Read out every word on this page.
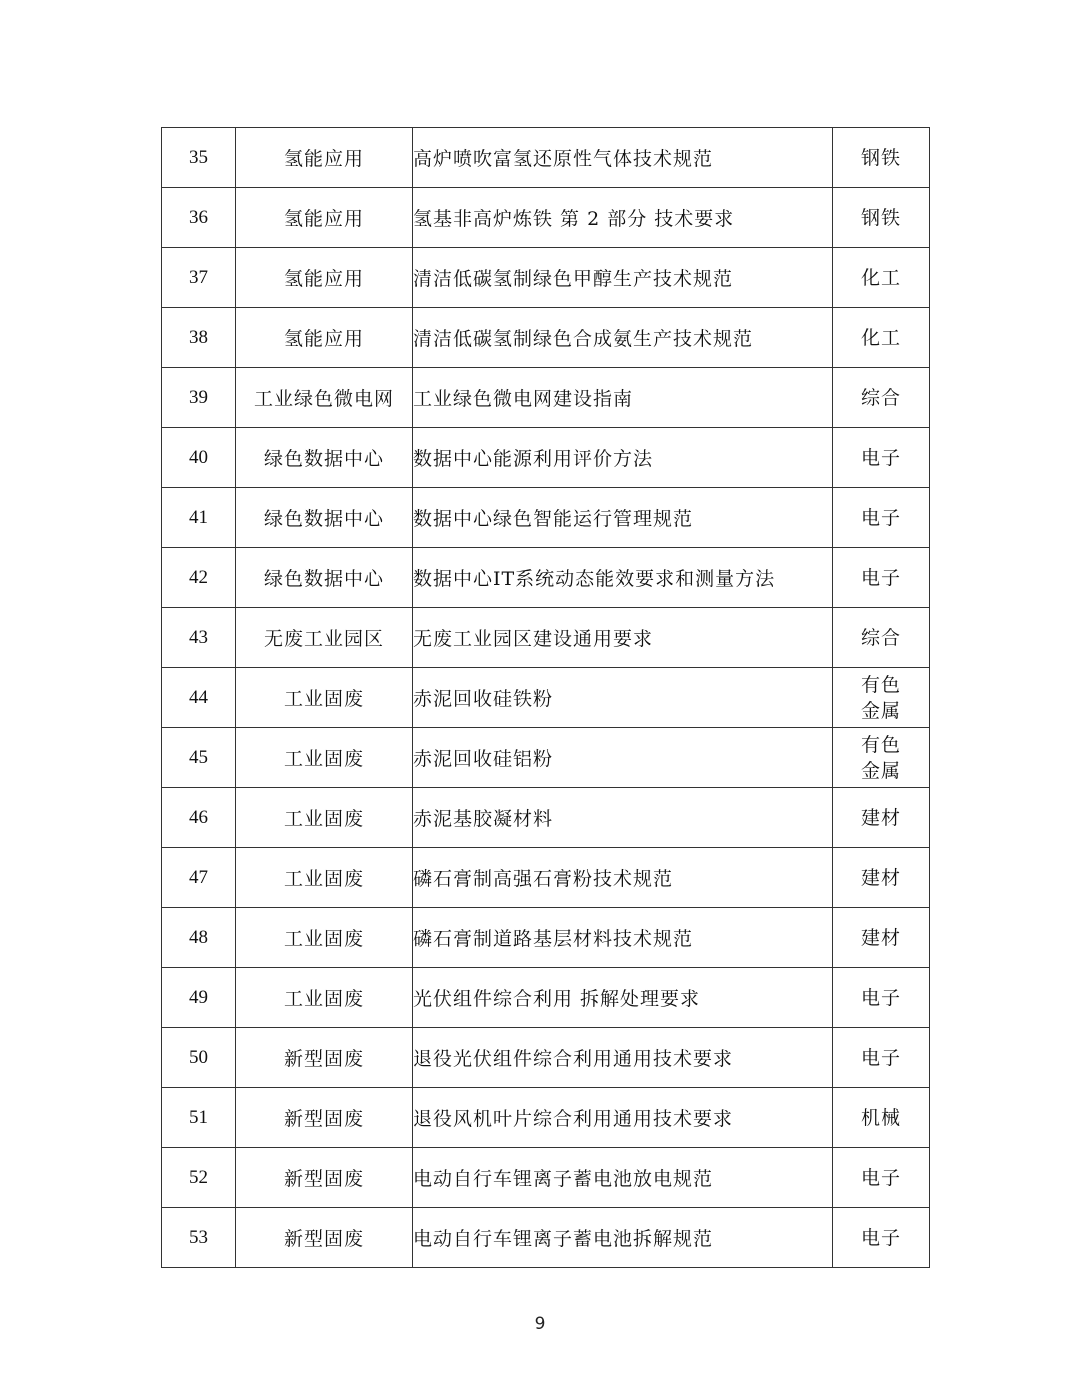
35	氢能应用	高炉喷吹富氢还原性气体技术规范	钢铁
36	氢能应用	氢基非高炉炼铁 第 2 部分 技术要求	钢铁
37	氢能应用	清洁低碳氢制绿色甲醇生产技术规范	化工
38	氢能应用	清洁低碳氢制绿色合成氨生产技术规范	化工
39	工业绿色微电网	工业绿色微电网建设指南	综合
40	绿色数据中心	数据中心能源利用评价方法	电子
41	绿色数据中心	数据中心绿色智能运行管理规范	电子
42	绿色数据中心	数据中心IT系统动态能效要求和测量方法	电子
43	无废工业园区	无废工业园区建设通用要求	综合
44	工业固废	赤泥回收硅铁粉	有色
金属

45	工业固废	赤泥回收硅铝粉	有色
金属

46	工业固废	赤泥基胶凝材料	建材
47	工业固废	磷石膏制高强石膏粉技术规范	建材
48	工业固废	磷石膏制道路基层材料技术规范	建材
49	工业固废	光伏组件综合利用 拆解处理要求	电子
50	新型固废	退役光伏组件综合利用通用技术要求	电子
51	新型固废	退役风机叶片综合利用通用技术要求	机械
52	新型固废	电动自行车锂离子蓄电池放电规范	电子
53	新型固废	电动自行车锂离子蓄电池拆解规范	电子
9
